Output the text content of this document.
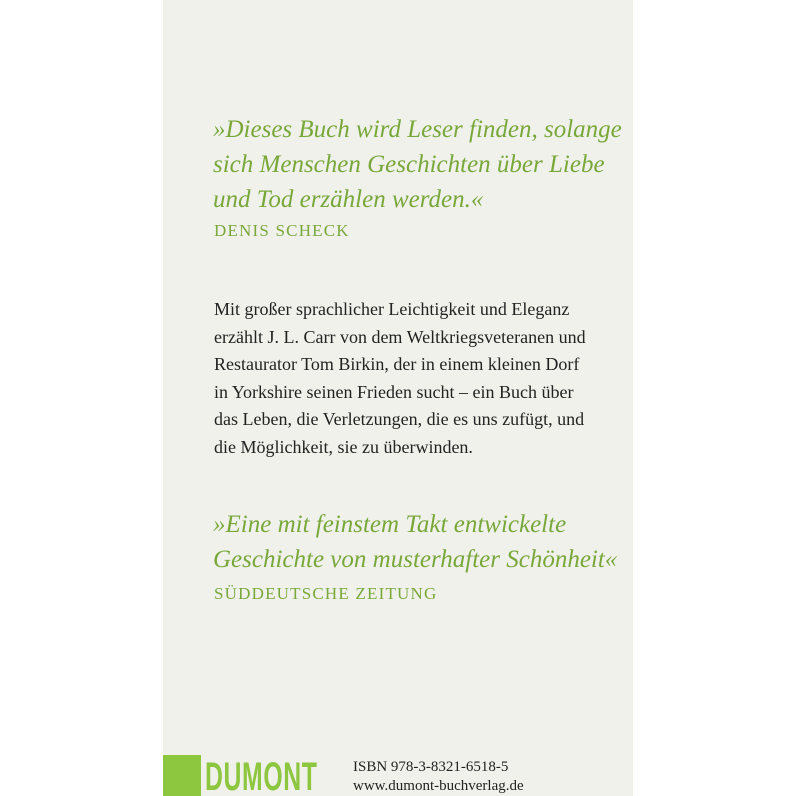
»Dieses Buch wird Leser finden, solange
sich Menschen Geschichten über Liebe
und Tod erzählen werden.«
DENIS SCHECK
Mit großer sprachlicher Leichtigkeit und Eleganz
erzählt J. L. Carr von dem Weltkriegsveteranen und
Restaurator Tom Birkin, der in einem kleinen Dorf
in Yorkshire seinen Frieden sucht – ein Buch über
das Leben, die Verletzungen, die es uns zufügt, und
die Möglichkeit, sie zu überwinden.
»Eine mit feinstem Takt entwickelte
Geschichte von musterhafter Schönheit«
SÜDDEUTSCHE ZEITUNG
DUMONT ISBN 978-3-8321-6518-5
www.dumont-buchverlag.de
